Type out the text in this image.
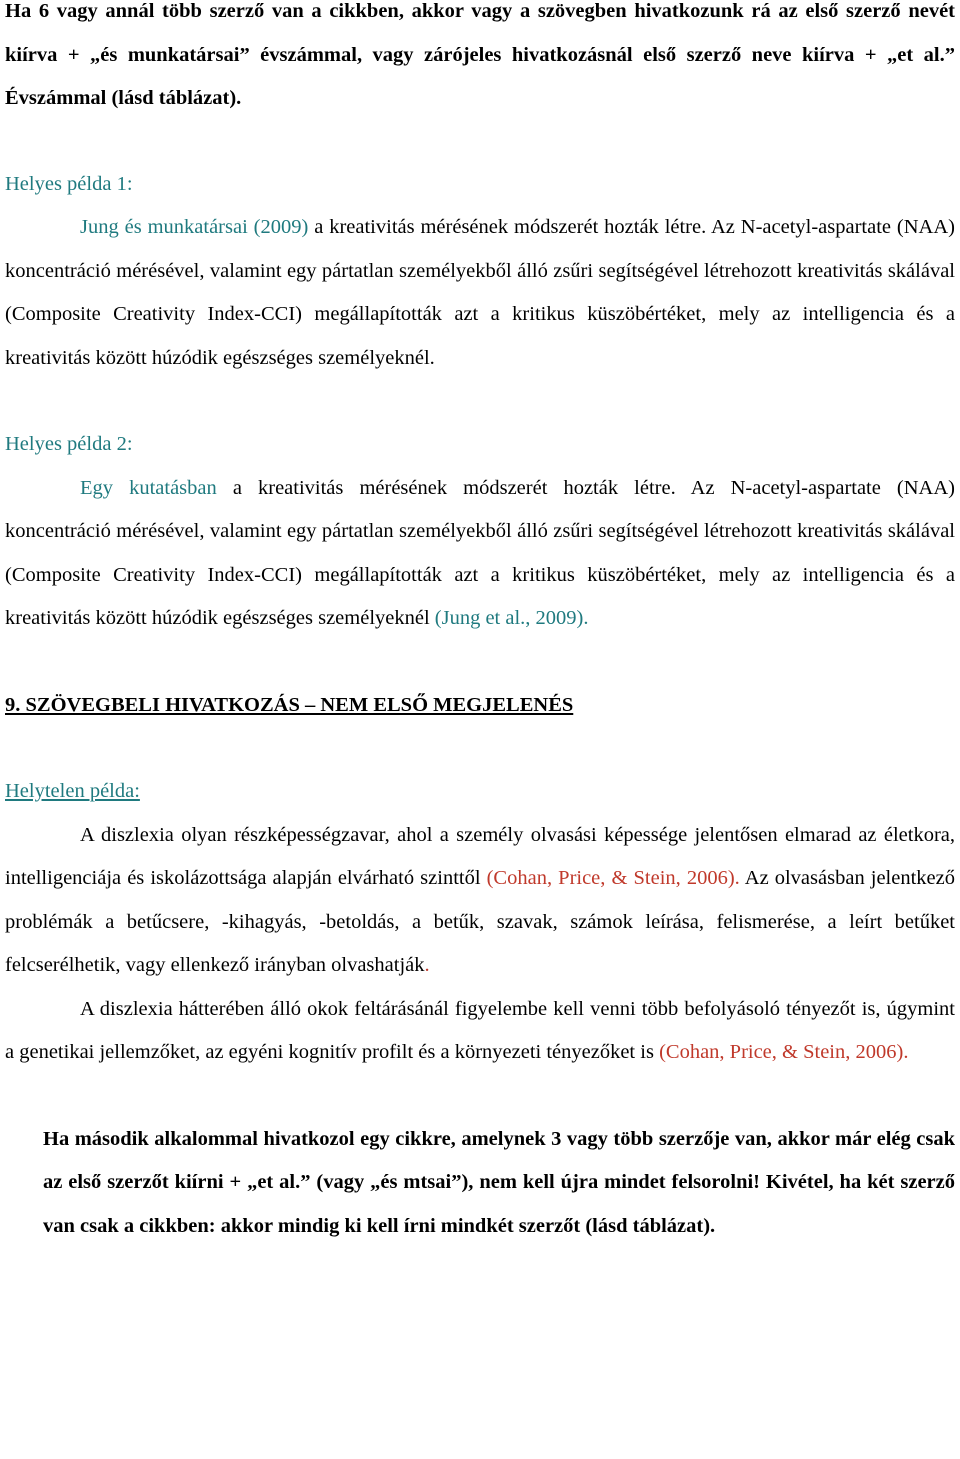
Ha 6 vagy annál több szerző van a cikkben, akkor vagy a szövegben hivatkozunk rá az első szerző nevét kiírva + „és munkatársai” évszámmal, vagy zárójeles hivatkozásnál első szerző neve kiírva + „et al.” Évszámmal (lásd táblázat).

Helyes példa 1:

Jung és munkatársai (2009) a kreativitás mérésének módszerét hozták létre. Az N-acetyl-aspartate (NAA) koncentráció mérésével, valamint egy pártatlan személyekből álló zsűri segítségével létrehozott kreativitás skálával (Composite Creativity Index-CCI) megállapították azt a kritikus küszöbértéket, mely az intelligencia és a kreativitás között húzódik egészséges személyeknél.

Helyes példa 2:

Egy kutatásban a kreativitás mérésének módszerét hozták létre. Az N-acetyl-aspartate (NAA) koncentráció mérésével, valamint egy pártatlan személyekből álló zsűri segítségével létrehozott kreativitás skálával (Composite Creativity Index-CCI) megállapították azt a kritikus küszöbértéket, mely az intelligencia és a kreativitás között húzódik egészséges személyeknél (Jung et al., 2009).

9. SZÖVEGBELI HIVATKOZÁS – NEM ELSŐ MEGJELENÉS

Helytelen példa:

A diszlexia olyan részképességzavar, ahol a személy olvasási képessége jelentősen elmarad az életkora, intelligenciája és iskolázottsága alapján elvárható szinttől (Cohan, Price, & Stein, 2006). Az olvasásban jelentkező problémák a betűcsere, -kihagyás, -betoldás, a betűk, szavak, számok leírása, felismerése, a leírt betűket felcserélhetik, vagy ellenkező irányban olvashatják.

A diszlexia hátterében álló okok feltárásánál figyelembe kell venni több befolyásoló tényezőt is, úgymint a genetikai jellemzőket, az egyéni kognitív profilt és a környezeti tényezőket is (Cohan, Price, & Stein, 2006).

Ha második alkalommal hivatkozol egy cikkre, amelynek 3 vagy több szerzője van, akkor már elég csak az első szerzőt kiírni + „et al.” (vagy „és mtsai”), nem kell újra mindet felsorolni! Kivétel, ha két szerző van csak a cikkben: akkor mindig ki kell írni mindkét szerzőt (lásd táblázat).
